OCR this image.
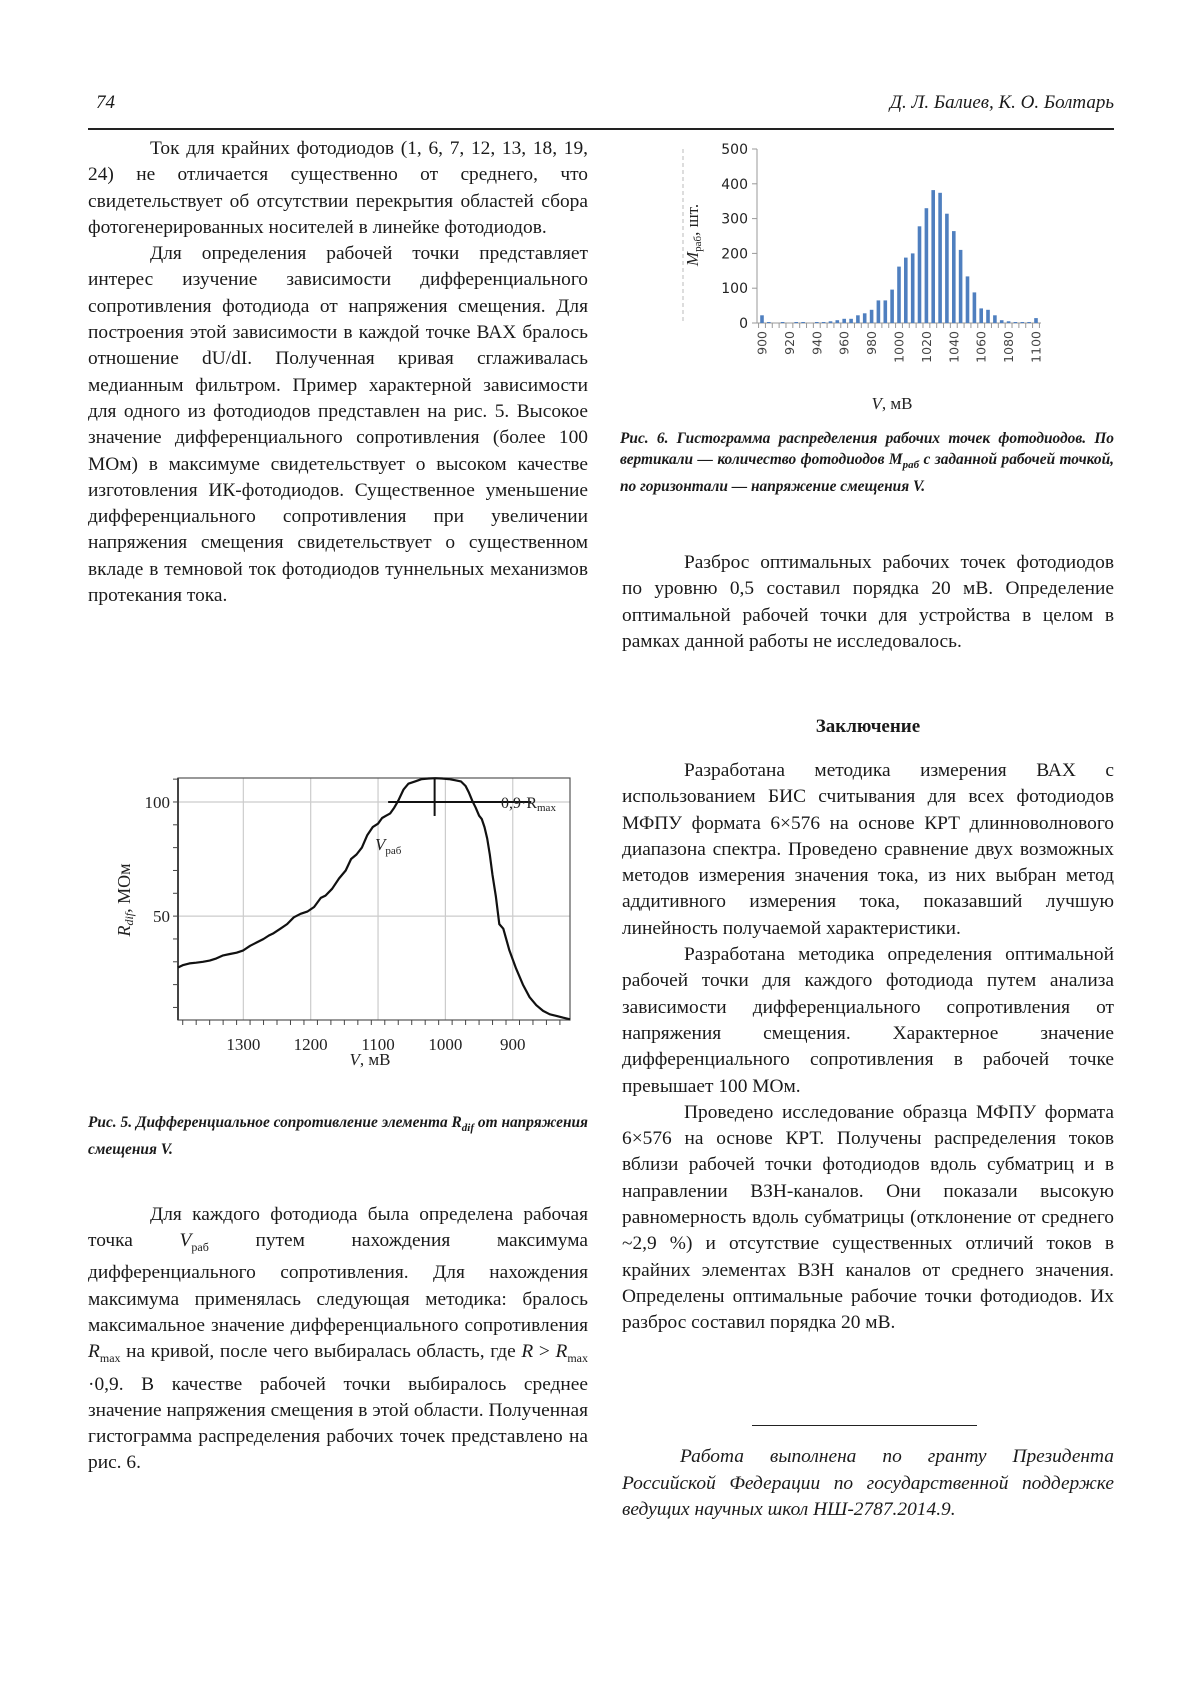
74	Д. Л. Балиев, К. О. Болтарь

Ток для крайних фотодиодов (1, 6, 7, 12, 13, 18, 19, 24) не отличается существенно от среднего, что свидетельствует об отсутствии перекрытия областей сбора фотогенерированных носителей в линейке фотодиодов.

Для определения рабочей точки представляет интерес изучение зависимости дифференциального сопротивления фотодиода от напряжения смещения. Для построения этой зависимости в каждой точке ВАХ бралось отношение dU/dI. Полученная кривая сглаживалась медианным фильтром. Пример характерной зависимости для одного из фотодиодов представлен на рис. 5. Высокое значение дифференциального сопротивления (более 100 МОм) в максимуме свидетельствует о высоком качестве изготовления ИК-фотодиодов. Существенное уменьшение дифференциального сопротивления при увеличении напряжения смещения свидетельствует о существенном вкладе в темновой ток фотодиодов туннельных механизмов протекания тока.

1300 1200 1100 1000 900
50
100	0,9·Rmax
$V_{раб}$
Rdif, МОм
V, мВ
Рис. 5. Дифференциальное сопротивление элемента $R_{dif}$ от напряжения смещения V.

Для каждого фотодиода была определена рабочая точка $V_{раб}$ путем нахождения максимума дифференциального сопротивления. Для нахождения максимума применялась следующая методика: бралось максимальное значение дифференциального сопротивления $R_{max}$ на кривой, после чего выбиралась область, где $R > R_{max} \cdot 0,9$. В качестве рабочей точки выбиралось среднее значение напряжения смещения в этой области. Полученная гистограмма распределения рабочих точек представлено на рис. 6.

0
100
200
300
400
500
900 920 940 960 980 1000 1020 1040 1060 1080 1100
Mраб, шт.
V, мВ
Рис. 6. Гистограмма распределения рабочих точек фотодиодов. По вертикали — количество фотодиодов $M_{раб}$ с заданной рабочей точкой, по горизонтали — напряжение смещения V.

Разброс оптимальных рабочих точек фотодиодов по уровню 0,5 составил порядка 20 мВ. Определение оптимальной рабочей точки для устройства в целом в рамках данной работы не исследовалось.

Заключение

Разработана методика измерения ВАХ с использованием БИС считывания для всех фотодиодов МФПУ формата 6×576 на основе КРТ длинноволнового диапазона спектра. Проведено сравнение двух возможных методов измерения значения тока, из них выбран метод аддитивного измерения тока, показавший лучшую линейность получаемой характеристики.

Разработана методика определения оптимальной рабочей точки для каждого фотодиода путем анализа зависимости дифференциального сопротивления от напряжения смещения. Характерное значение дифференциального сопротивления в рабочей точке превышает 100 МОм.

Проведено исследование образца МФПУ формата 6×576 на основе КРТ. Получены распределения токов вблизи рабочей точки фотодиодов вдоль субматриц и в направлении ВЗН-каналов. Они показали высокую равномерность вдоль субматрицы (отклонение от среднего ~2,9 %) и отсутствие существенных отличий токов в крайних элементах ВЗН каналов от среднего значения. Определены оптимальные рабочие точки фотодиодов. Их разброс составил порядка 20 мВ.

Работа выполнена по гранту Президента Российской Федерации по государственной поддержке ведущих научных школ НШ-2787.2014.9.
